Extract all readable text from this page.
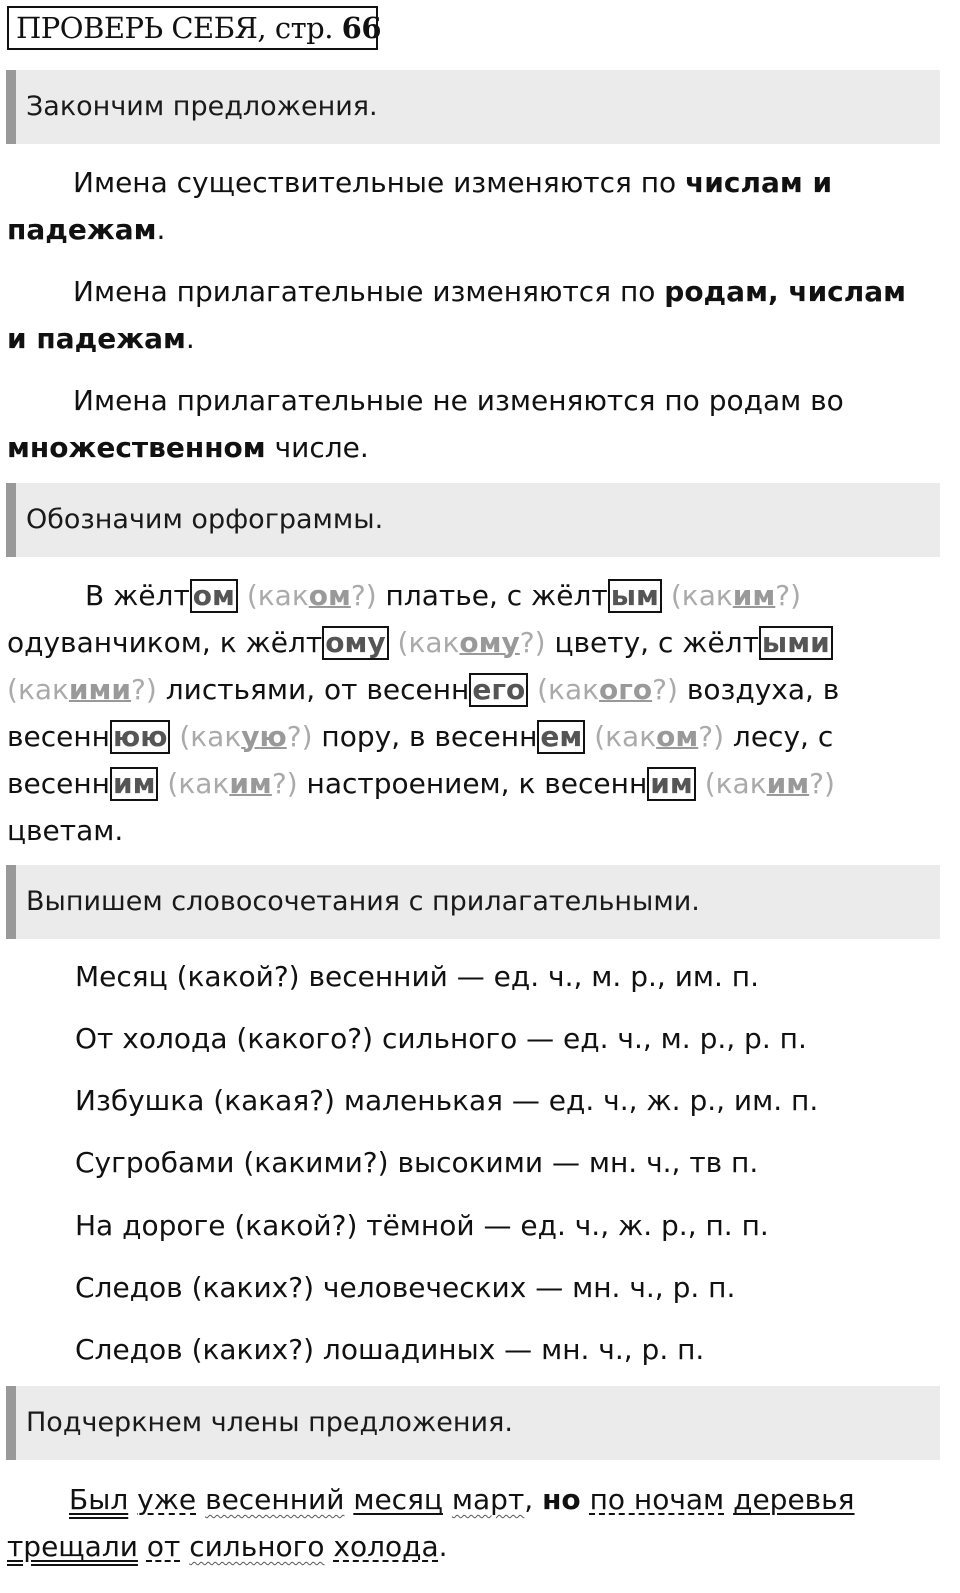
ПРОВЕРЬ СЕБЯ, стр. 66
Закончим предложения.

Имена существительные изменяются по числам и
падежам.

Имена прилагательные изменяются по родам, числам
и падежам.

Имена прилагательные не изменяются по родам во
множественном числе.

Обозначим орфограммы.
В жёлт ом (каком?) платье, с жёлт ым (каким?)
одуванчиком, к жёлт ому (какому?) цвету, с жёлт ыми
(какими?) листьями, от весенн его (какого?) воздуха, в
весенн юю (какую?) пору, в весенн ем (каком?) лесу, с
весенн им (каким?) настроением, к весенн им (каким?)
цветам.
Выпишем словосочетания с прилагательными.
Месяц (какой?) весенний — ед. ч., м. р., им. п.
От холода (какого?) сильного — ед. ч., м. р., р. п.
Избушка (какая?) маленькая — ед. ч., ж. р., им. п.
Сугробами (какими?) высокими — мн. ч., тв п.
На дороге (какой?) тёмной — ед. ч., ж. р., п. п.
Следов (каких?) человеческих — мн. ч., р. п.
Следов (каких?) лошадиных — мн. ч., р. п.
Подчеркнем члены предложения.
Был уже весенний месяц март, но по ночам деревья
трещали от сильного холода.
